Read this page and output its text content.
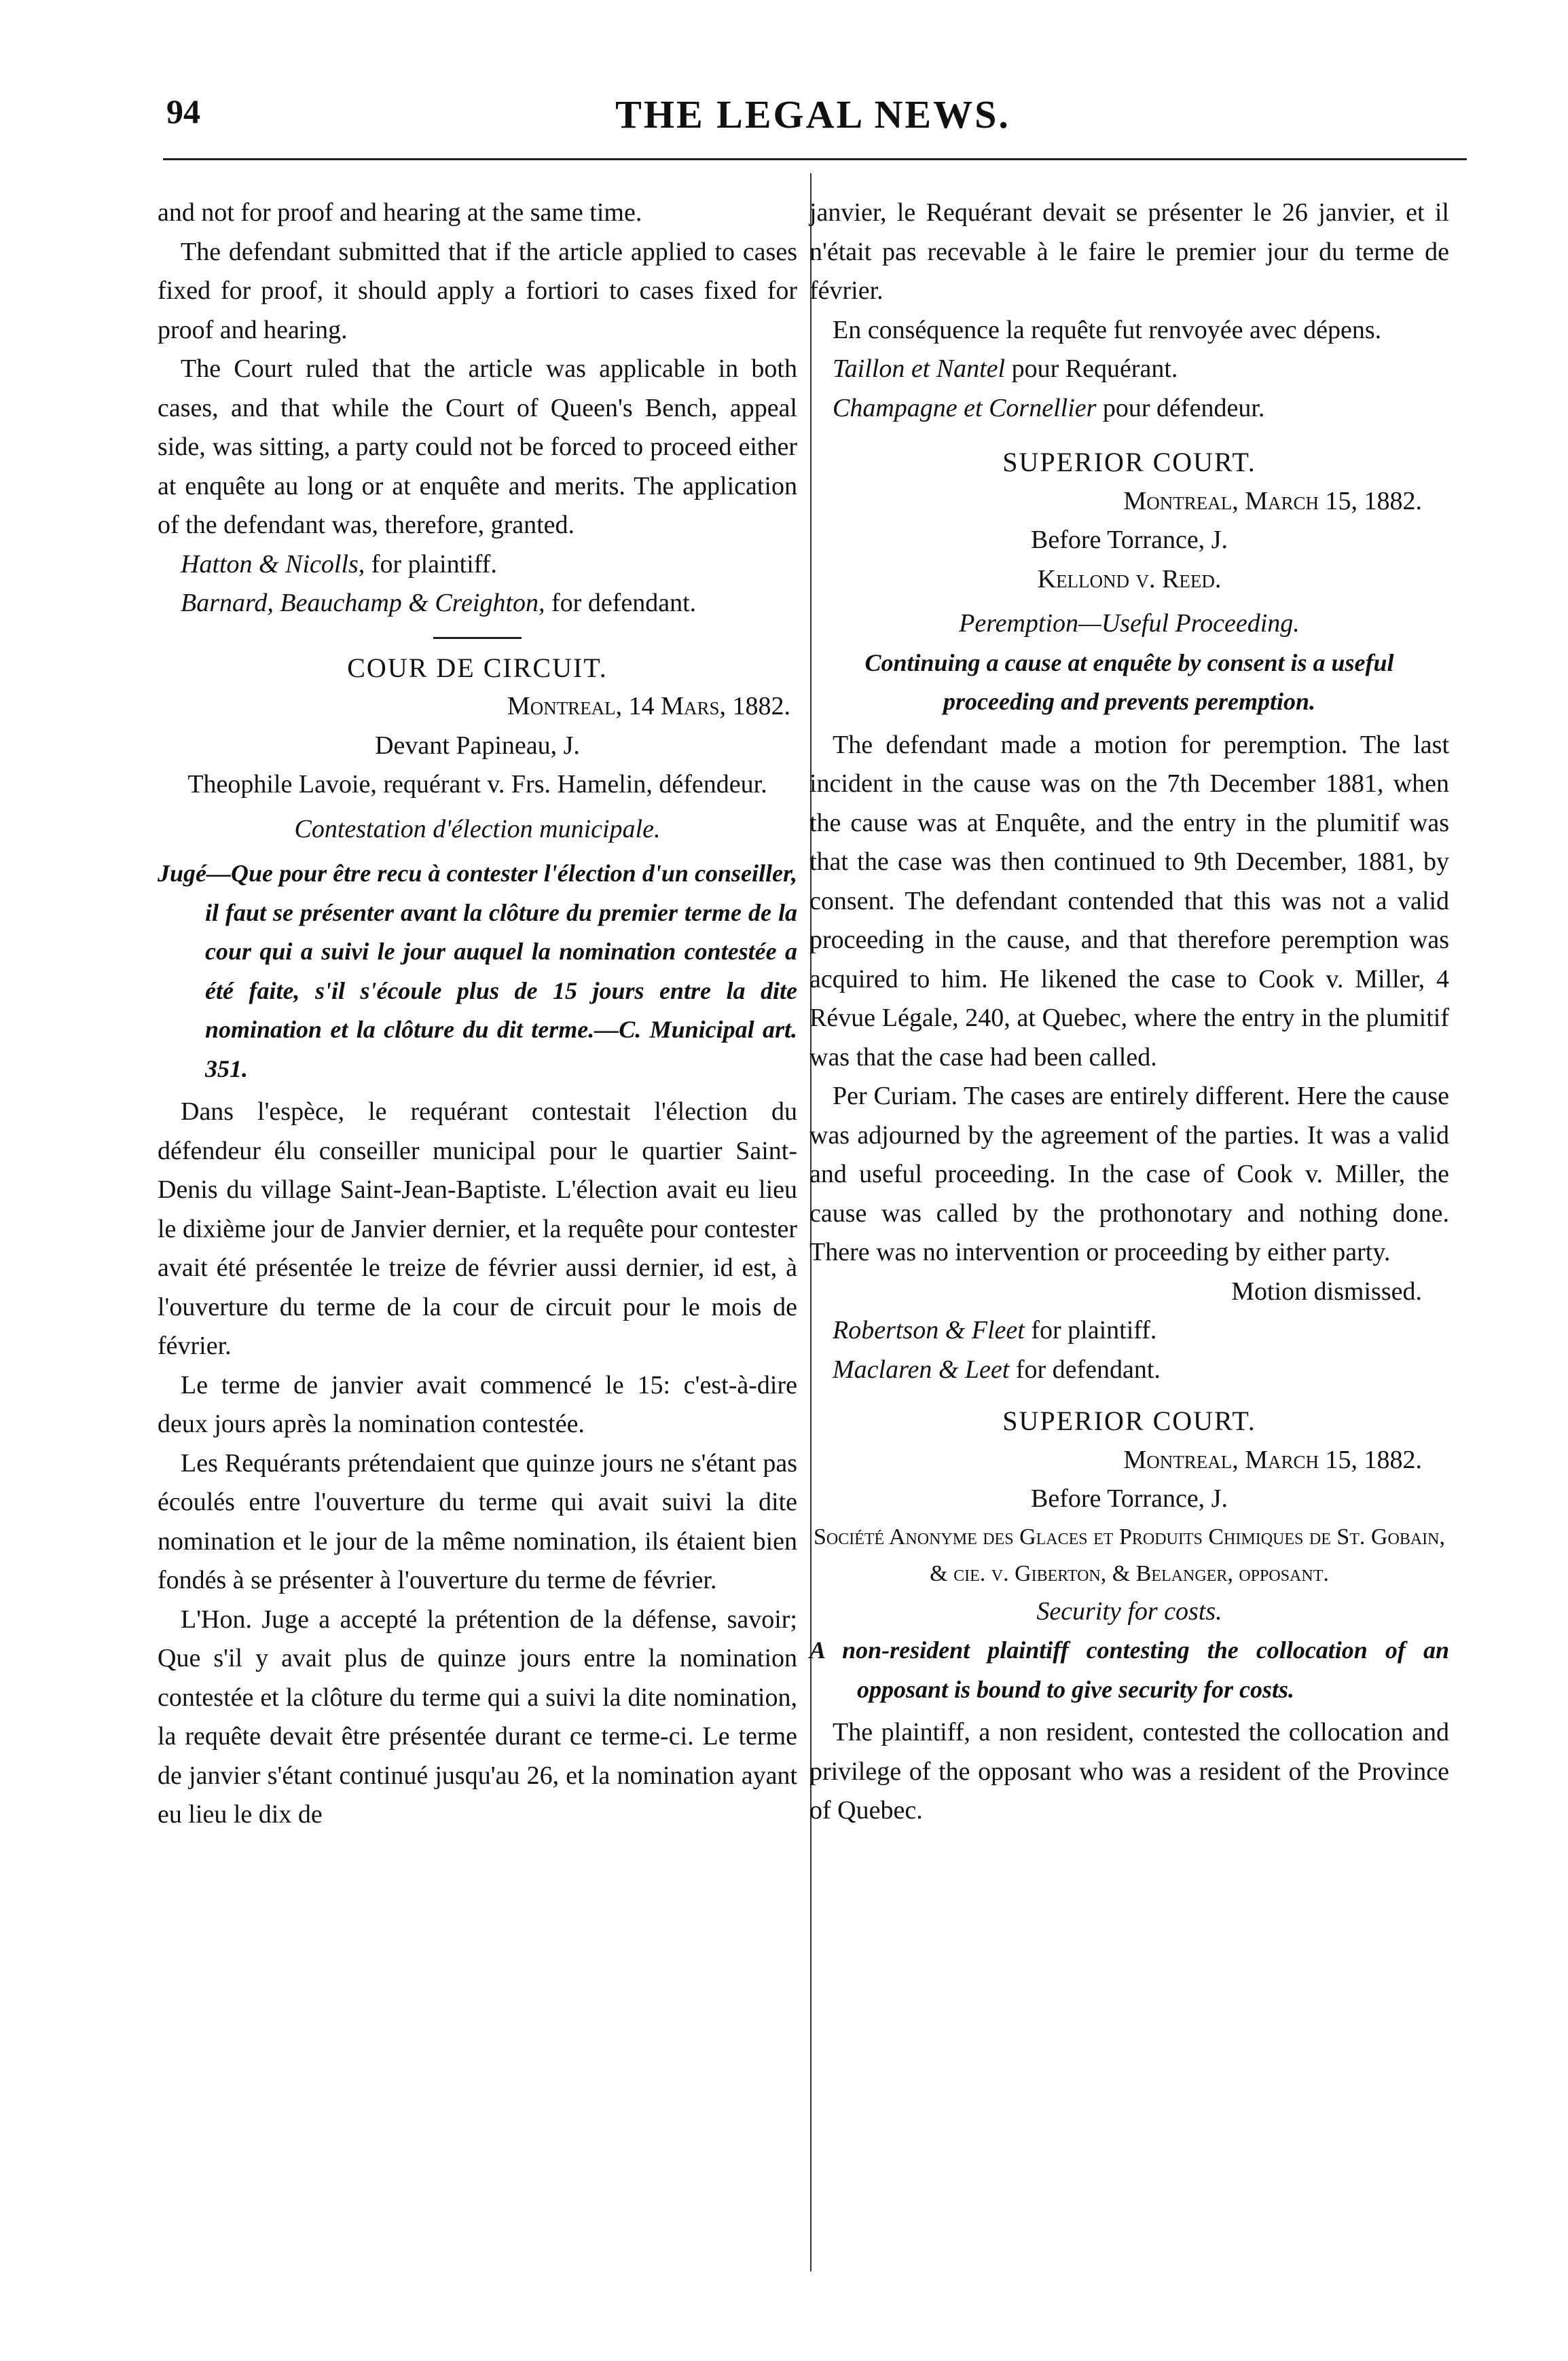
94	THE LEGAL NEWS.

and not for proof and hearing at the same time.

The defendant submitted that if the article applied to cases fixed for proof, it should apply a fortiori to cases fixed for proof and hearing.

The Court ruled that the article was applicable in both cases, and that while the Court of Queen's Bench, appeal side, was sitting, a party could not be forced to proceed either at enquête au long or at enquête and merits. The application of the defendant was, therefore, granted.

Hatton & Nicolls, for plaintiff.

Barnard, Beauchamp & Creighton, for defendant.

COUR DE CIRCUIT.
Montreal, 14 Mars, 1882.
Devant Papineau, J.
Theophile Lavoie, requérant v. Frs. Hamelin, défendeur.
Contestation d'élection municipale.
Jugé—Que pour être recu à contester l'élection d'un conseiller, il faut se présenter avant la clôture du premier terme de la cour qui a suivi le jour auquel la nomination contestée a été faite, s'il s'écoule plus de 15 jours entre la dite nomination et la clôture du dit terme.—C. Municipal art. 351.

Dans l'espèce, le requérant contestait l'élection du défendeur élu conseiller municipal pour le quartier Saint-Denis du village Saint-Jean-Baptiste. L'élection avait eu lieu le dixième jour de Janvier dernier, et la requête pour contester avait été présentée le treize de février aussi dernier, id est, à l'ouverture du terme de la cour de circuit pour le mois de février.

Le terme de janvier avait commencé le 15: c'est-à-dire deux jours après la nomination contestée.

Les Requérants prétendaient que quinze jours ne s'étant pas écoulés entre l'ouverture du terme qui avait suivi la dite nomination et le jour de la même nomination, ils étaient bien fondés à se présenter à l'ouverture du terme de février.

L'Hon. Juge a accepté la prétention de la défense, savoir; Que s'il y avait plus de quinze jours entre la nomination contestée et la clôture du terme qui a suivi la dite nomination, la requête devait être présentée durant ce terme-ci. Le terme de janvier s'étant continué jusqu'au 26, et la nomination ayant eu lieu le dix de

janvier, le Requérant devait se présenter le 26 janvier, et il n'était pas recevable à le faire le premier jour du terme de février.

En conséquence la requête fut renvoyée avec dépens.

Taillon et Nantel pour Requérant.

Champagne et Cornellier pour défendeur.

SUPERIOR COURT.
Montreal, March 15, 1882.
Before Torrance, J.
Kellond v. Reed.
Peremption—Useful Proceeding.
Continuing a cause at enquête by consent is a useful proceeding and prevents peremption.

The defendant made a motion for peremption. The last incident in the cause was on the 7th December 1881, when the cause was at Enquête, and the entry in the plumitif was that the case was then continued to 9th December, 1881, by consent. The defendant contended that this was not a valid proceeding in the cause, and that therefore peremption was acquired to him. He likened the case to Cook v. Miller, 4 Révue Légale, 240, at Quebec, where the entry in the plumitif was that the case had been called.

Per Curiam. The cases are entirely different. Here the cause was adjourned by the agreement of the parties. It was a valid and useful proceeding. In the case of Cook v. Miller, the cause was called by the prothonotary and nothing done. There was no intervention or proceeding by either party.

Motion dismissed.

Robertson & Fleet for plaintiff.

Maclaren & Leet for defendant.

SUPERIOR COURT.
Montreal, March 15, 1882.
Before Torrance, J.
Société Anonyme des Glaces et Produits Chimiques de St. Gobain, & cie. v. Giberton, & Belanger, opposant.
Security for costs.
A non-resident plaintiff contesting the collocation of an opposant is bound to give security for costs.

The plaintiff, a non resident, contested the collocation and privilege of the opposant who was a resident of the Province of Quebec.
